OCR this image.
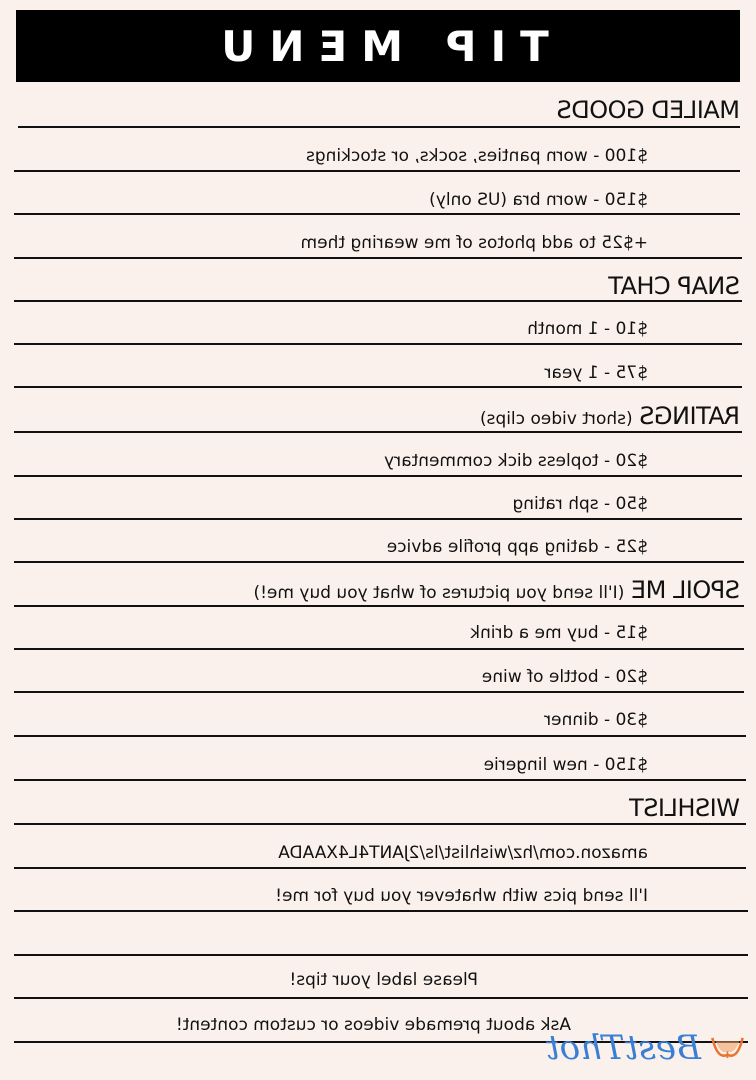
TIP MENU
MAILED GOODS
$100 - worn panties, socks, or stockings
$150 - worn bra (US only)
+$25 to add photos of me wearing them
SNAP CHAT
$10 - 1 month
$75 - 1 year
RATINGS (short video clips)
$20 - topless dick commentary
$50 - sph rating
$25 - dating app profile advice
SPOIL ME (I'll send you pictures of what you buy me!)
$15 - buy me a drink
$20 - bottle of wine
$30 - dinner
$150 - new lingerie
WISHLIST
amazon.com/hz/wishlist/ls/2JANT4L4XAADA
I'll send pics with whatever you buy for me!
Please label your tips!
Ask about premade videos or custom content!
BestThot
